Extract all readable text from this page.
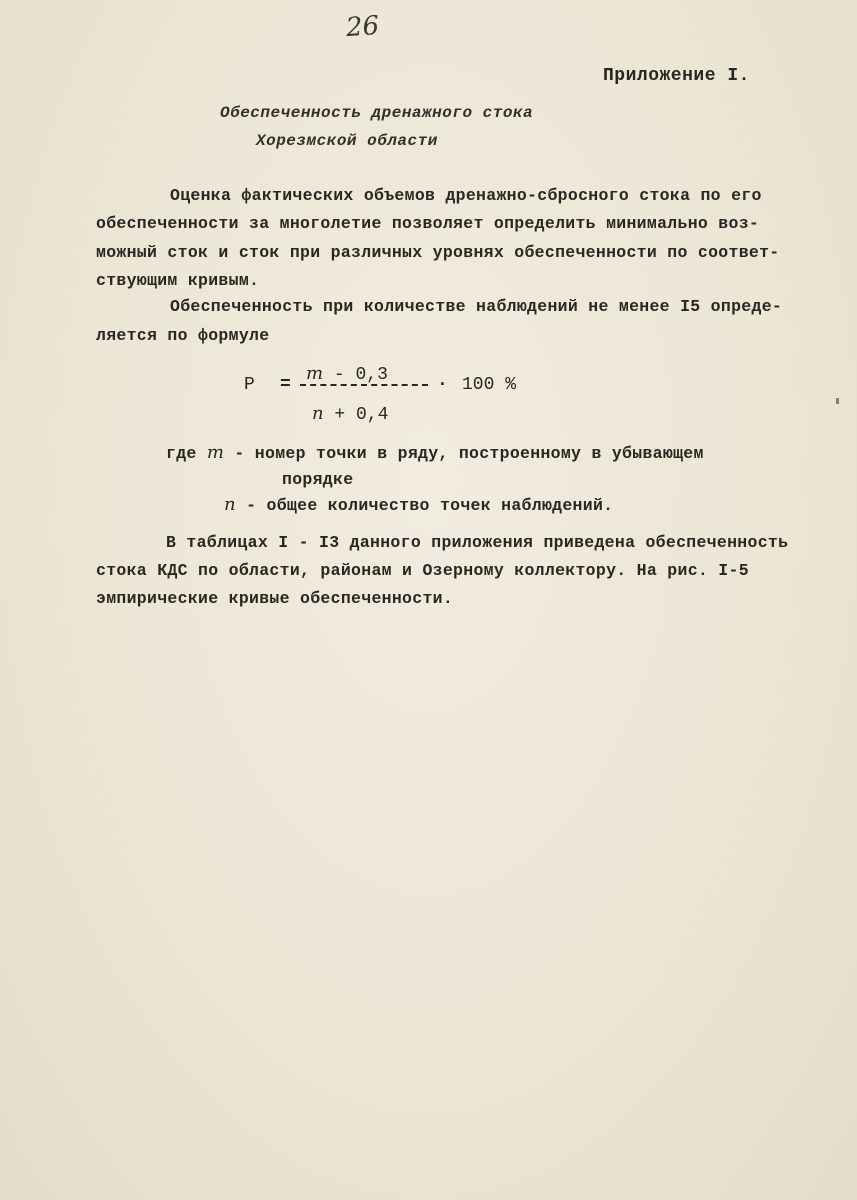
26
Приложение I.
Обеспеченность дренажного стока
Хорезмской области
Оценка фактических объемов дренажно-сбросного стока по его
обеспеченности за многолетие позволяет определить минимально воз-
можный сток и сток при различных уровнях обеспеченности по соответ-
ствующим кривым.
Обеспеченность при количестве наблюдений не менее I5 опреде-
ляется по формуле
P =
m - 0,3	· 100 %
n + 0,4
где m - номер точки в ряду, построенному в убывающем
порядке
n - общее количество точек наблюдений.
В таблицах I - I3 данного приложения приведена обеспеченность
стока КДС по области, районам и Озерному коллектору. На рис. I-5
эмпирические кривые обеспеченности.
